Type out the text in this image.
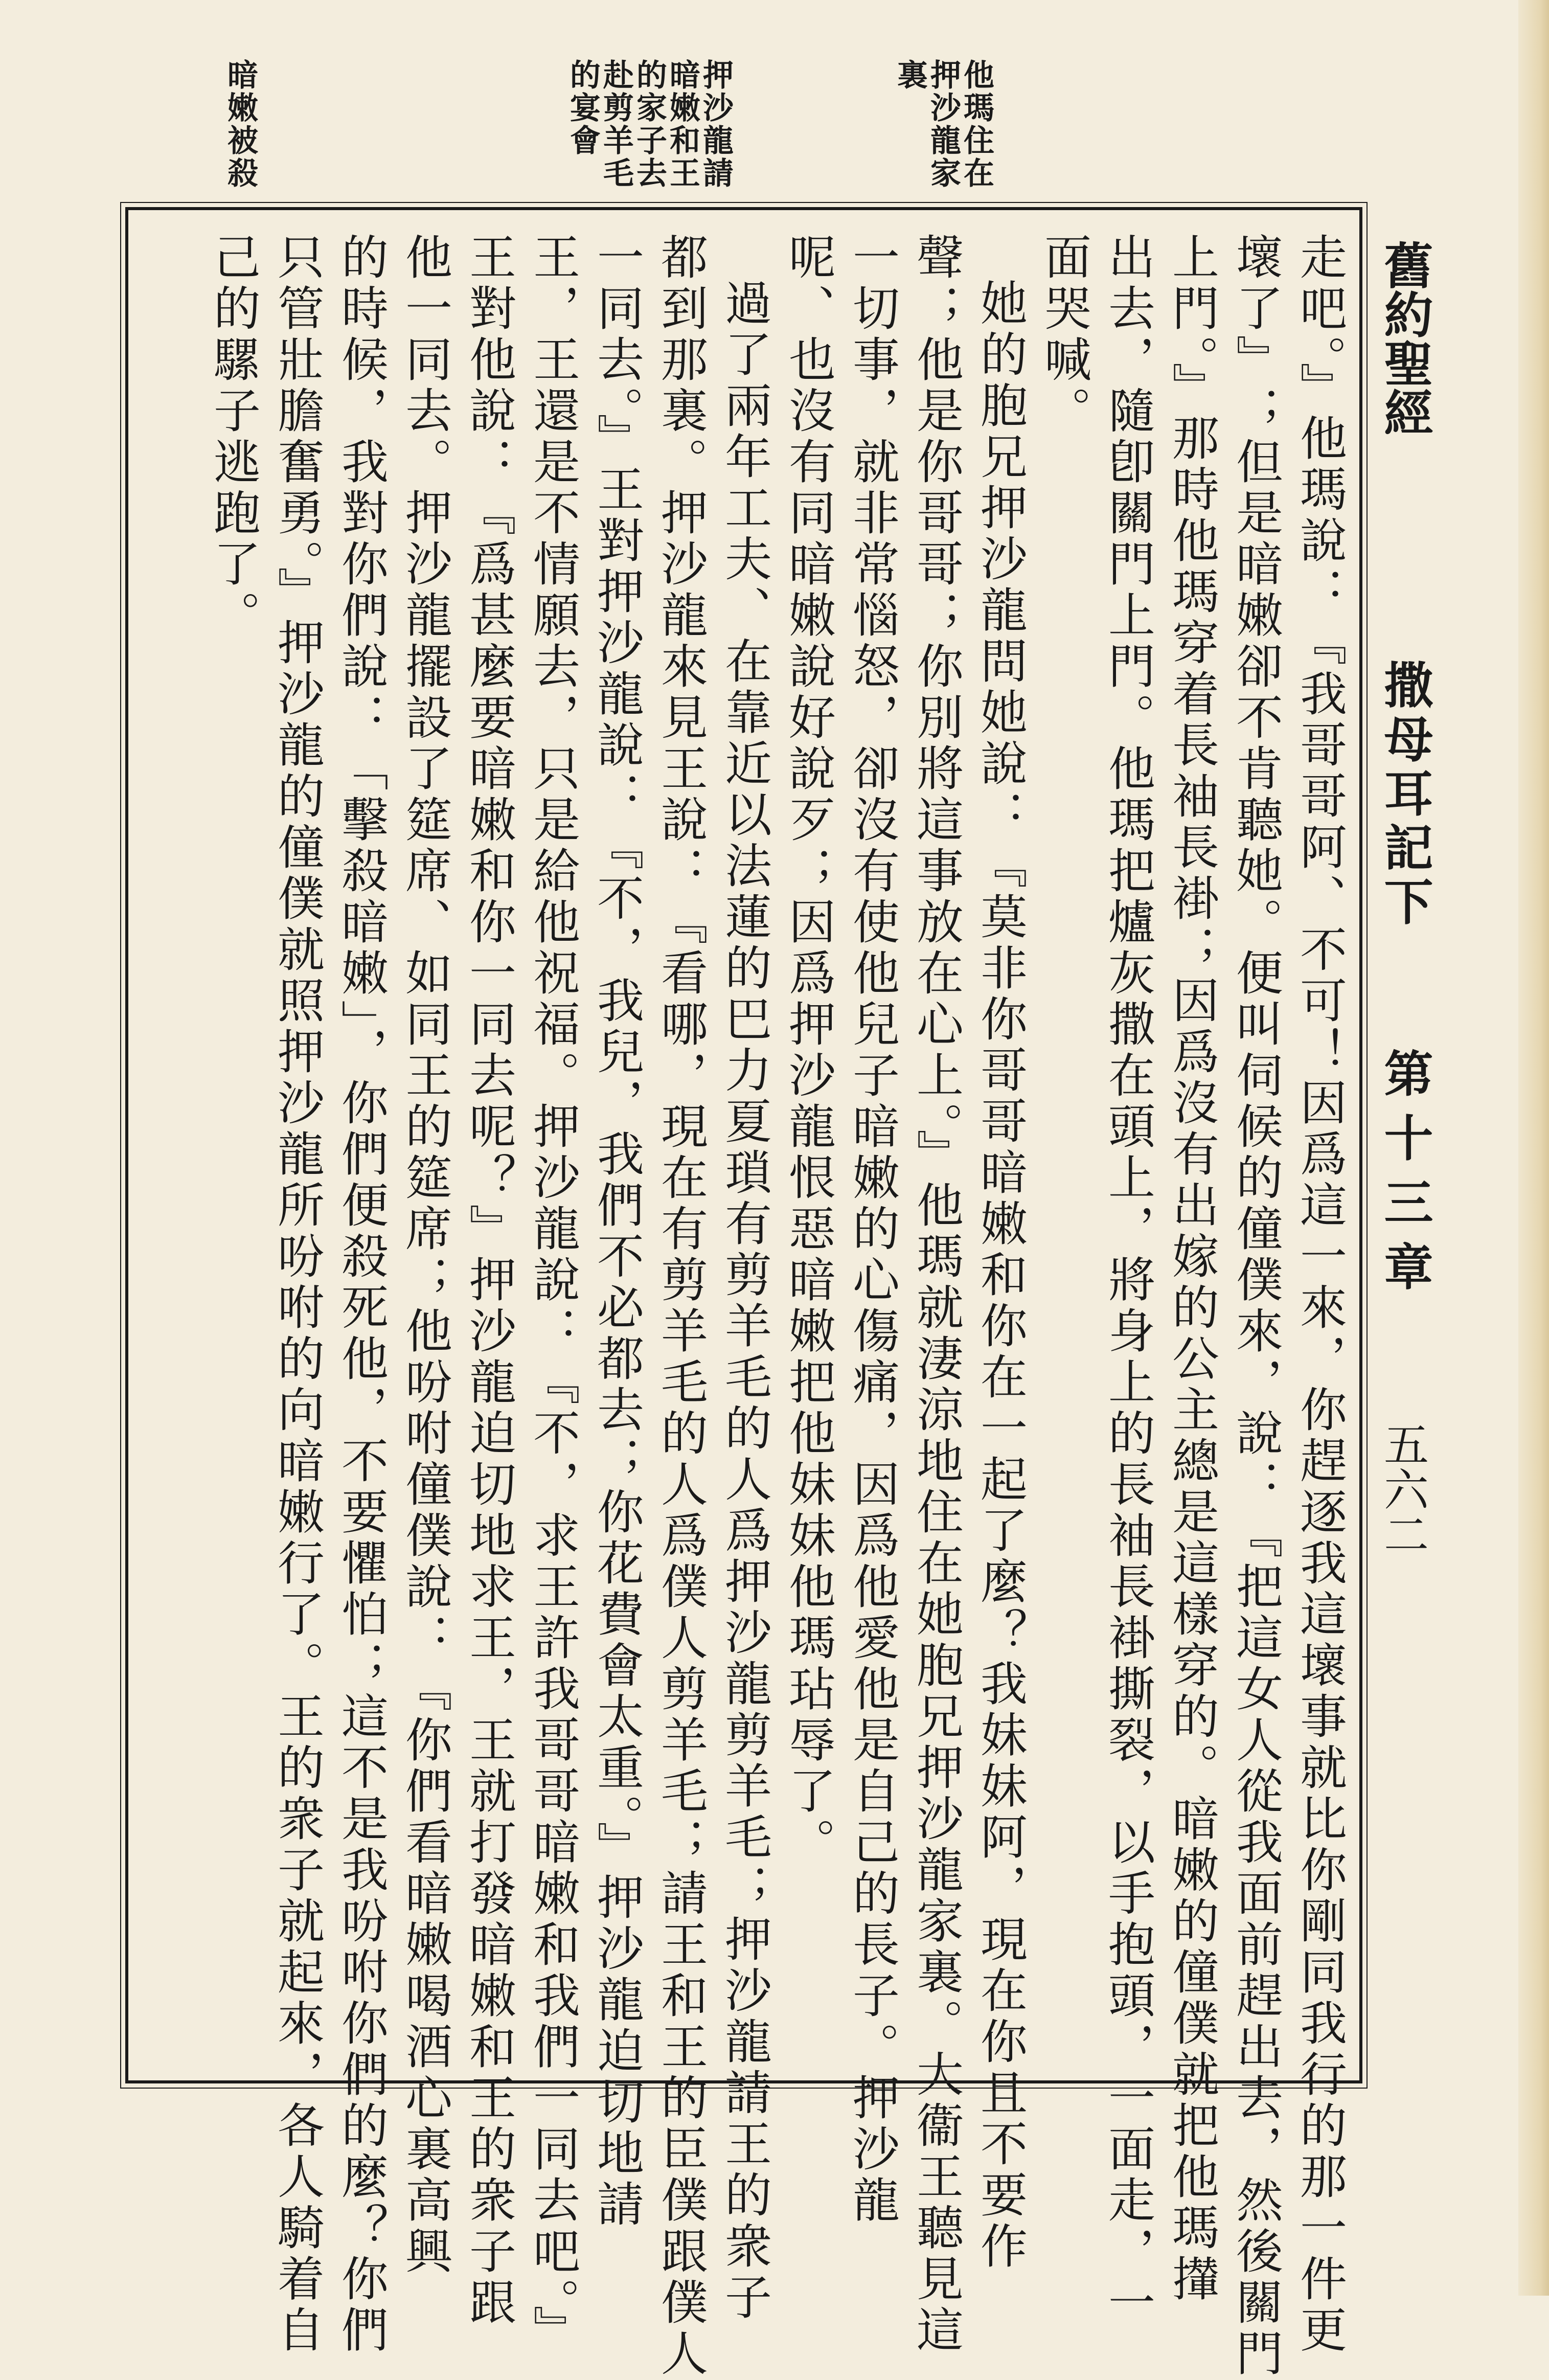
舊約聖經
撒母耳記下
第十三章
五六二
他瑪住在
押沙龍家
裏
押沙龍請
暗嫩和王
的家子去
赴剪羊毛
的宴會
暗嫩被殺
走吧。』他瑪說：『我哥哥阿、不可！因爲這一來，你趕逐我這壞事就比你剛同我行的那一件更
壞了』；但是暗嫩卻不肯聽她。便叫伺候的僮僕來，說：『把這女人從我面前趕出去，然後關門
上門。』那時他瑪穿着長袖長褂；因爲沒有出嫁的公主總是這樣穿的。暗嫩的僮僕就把他瑪攆
出去，隨卽關門上門。他瑪把爐灰撒在頭上，將身上的長袖長褂撕裂，以手抱頭，一面走，一
面哭喊。
她的胞兄押沙龍問她說：『莫非你哥哥暗嫩和你在一起了麼？我妹妹阿，現在你且不要作
聲；他是你哥哥；你別將這事放在心上。』他瑪就淒涼地住在她胞兄押沙龍家裏。大衞王聽見這
一切事，就非常惱怒，卻沒有使他兒子暗嫩的心傷痛，因爲他愛他是自己的長子。押沙龍
呢、也沒有同暗嫩說好說歹；因爲押沙龍恨惡暗嫩把他妹妹他瑪玷辱了。
過了兩年工夫、在靠近以法蓮的巴力夏瑣有剪羊毛的人爲押沙龍剪羊毛；押沙龍請王的衆子
都到那裏。押沙龍來見王說：『看哪，現在有剪羊毛的人爲僕人剪羊毛；請王和王的臣僕跟僕人
一同去。』王對押沙龍說：『不，我兒，我們不必都去；你花費會太重。』押沙龍迫切地請
王，王還是不情願去，只是給他祝福。押沙龍說：『不，求王許我哥哥暗嫩和我們一同去吧。』
王對他說：『爲甚麼要暗嫩和你一同去呢？』押沙龍迫切地求王，王就打發暗嫩和王的衆子跟
他一同去。押沙龍擺設了筵席、如同王的筵席；他吩咐僮僕說：『你們看暗嫩喝酒心裏高興
的時候，我對你們說：「擊殺暗嫩」，你們便殺死他，不要懼怕；這不是我吩咐你們的麼？你們
只管壯膽奮勇。』押沙龍的僮僕就照押沙龍所吩咐的向暗嫩行了。王的衆子就起來，各人騎着自
己的騾子逃跑了。
